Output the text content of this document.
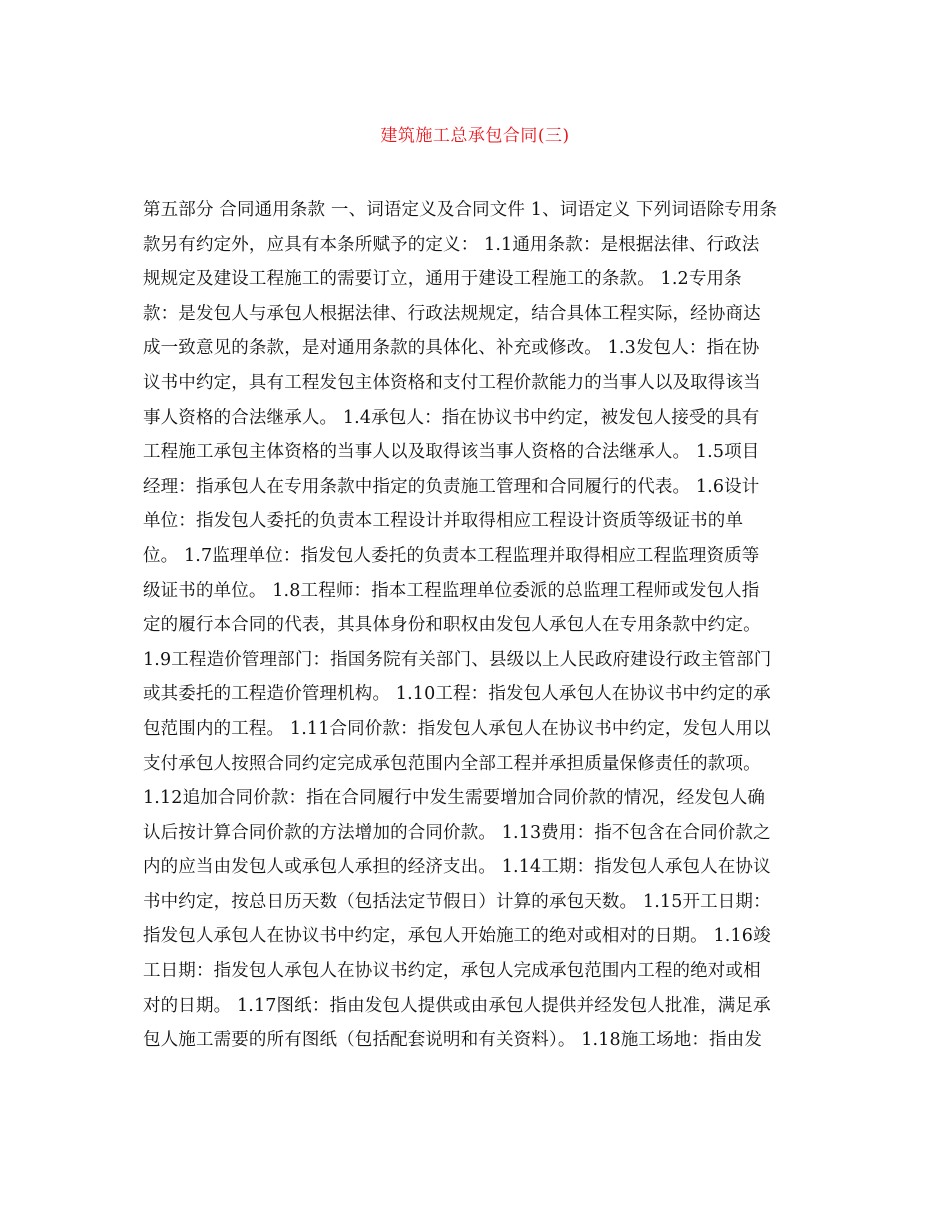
建筑施工总承包合同(三)
第五部分 合同通用条款 一、词语定义及合同文件 1、词语定义 下列词语除专用条
款另有约定外，应具有本条所赋予的定义： 1.1通用条款：是根据法律、行政法
规规定及建设工程施工的需要订立，通用于建设工程施工的条款。 1.2专用条
款：是发包人与承包人根据法律、行政法规规定，结合具体工程实际，经协商达
成一致意见的条款，是对通用条款的具体化、补充或修改。 1.3发包人：指在协
议书中约定，具有工程发包主体资格和支付工程价款能力的当事人以及取得该当
事人资格的合法继承人。 1.4承包人：指在协议书中约定，被发包人接受的具有
工程施工承包主体资格的当事人以及取得该当事人资格的合法继承人。 1.5项目
经理：指承包人在专用条款中指定的负责施工管理和合同履行的代表。 1.6设计
单位：指发包人委托的负责本工程设计并取得相应工程设计资质等级证书的单
位。 1.7监理单位：指发包人委托的负责本工程监理并取得相应工程监理资质等
级证书的单位。 1.8工程师：指本工程监理单位委派的总监理工程师或发包人指
定的履行本合同的代表，其具体身份和职权由发包人承包人在专用条款中约定。
1.9工程造价管理部门：指国务院有关部门、县级以上人民政府建设行政主管部门
或其委托的工程造价管理机构。 1.10工程：指发包人承包人在协议书中约定的承
包范围内的工程。 1.11合同价款：指发包人承包人在协议书中约定，发包人用以
支付承包人按照合同约定完成承包范围内全部工程并承担质量保修责任的款项。
1.12追加合同价款：指在合同履行中发生需要增加合同价款的情况，经发包人确
认后按计算合同价款的方法增加的合同价款。 1.13费用：指不包含在合同价款之
内的应当由发包人或承包人承担的经济支出。 1.14工期：指发包人承包人在协议
书中约定，按总日历天数（包括法定节假日）计算的承包天数。 1.15开工日期：
指发包人承包人在协议书中约定，承包人开始施工的绝对或相对的日期。 1.16竣
工日期：指发包人承包人在协议书约定，承包人完成承包范围内工程的绝对或相
对的日期。 1.17图纸：指由发包人提供或由承包人提供并经发包人批准，满足承
包人施工需要的所有图纸（包括配套说明和有关资料）。 1.18施工场地：指由发
